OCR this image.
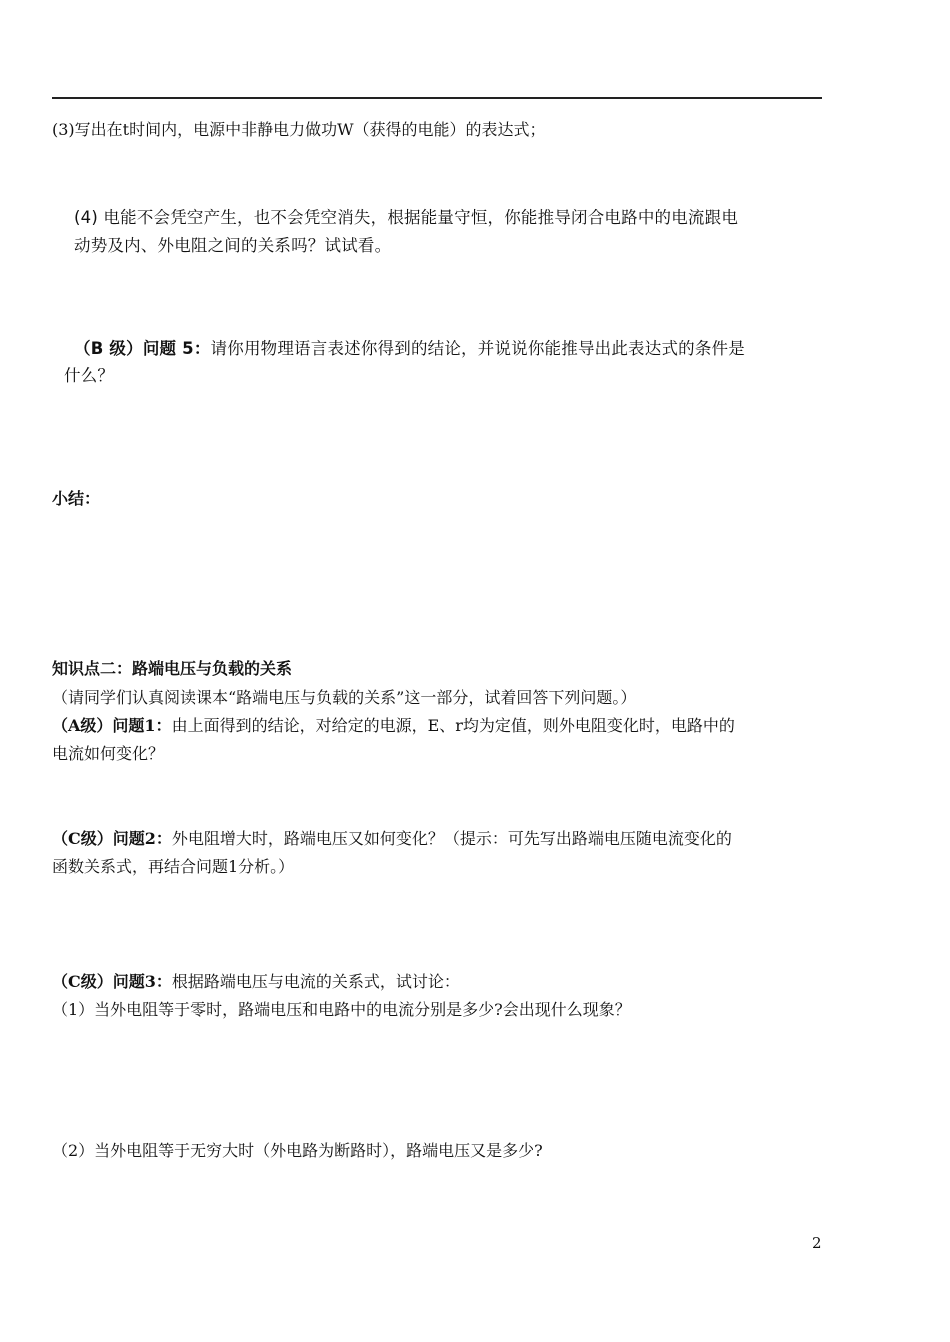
(3)写出在t时间内，电源中非静电力做功W（获得的电能）的表达式；
(4) 电能不会凭空产生，也不会凭空消失，根据能量守恒，你能推导闭合电路中的电流跟电
动势及内、外电阻之间的关系吗？试试看。
（B 级）问题 5：请你用物理语言表述你得到的结论，并说说你能推导出此表达式的条件是
什么？
小结：
知识点二：路端电压与负载的关系
（请同学们认真阅读课本“路端电压与负载的关系”这一部分，试着回答下列问题。）
（A级）问题1：由上面得到的结论，对给定的电源，E、r均为定值，则外电阻变化时，电路中的
电流如何变化？
（C级）问题2：外电阻增大时，路端电压又如何变化？（提示：可先写出路端电压随电流变化的
函数关系式，再结合问题1分析。）
（C级）问题3：根据路端电压与电流的关系式，试讨论：
（1）当外电阻等于零时，路端电压和电路中的电流分别是多少?会出现什么现象？
（2）当外电阻等于无穷大时（外电路为断路时），路端电压又是多少?
2
